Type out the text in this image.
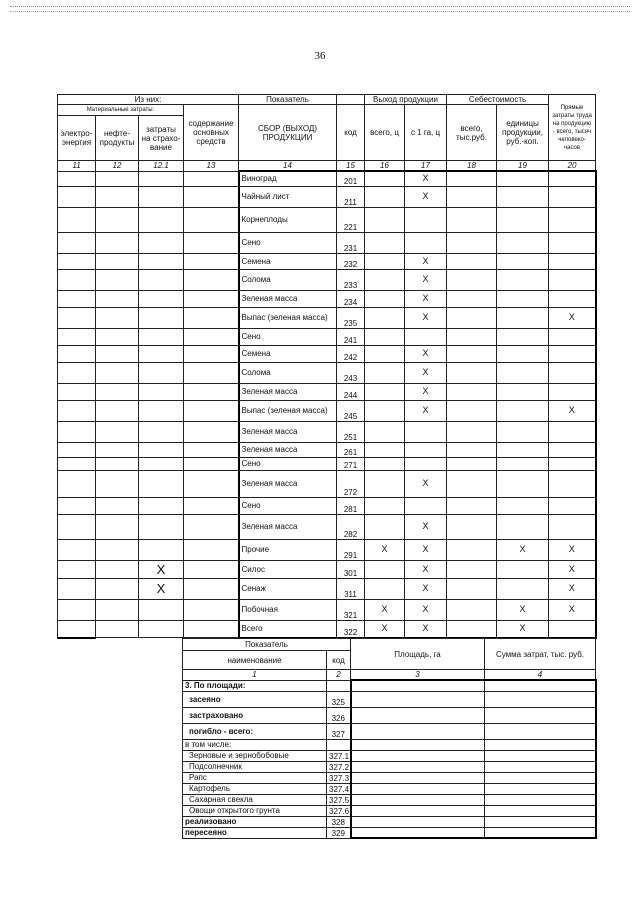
36
Из них:				Показатель		Выход продукции		Себестоимость		Прямые затраты труда на продукцию - всего, тысяч человеко-часов
Материальные затраты:			содержание основных средств	СБОР (ВЫХОД) ПРОДУКЦИИ	код	всего, ц	с 1 га, ц	всего, тыс.руб.	единицы продукции, руб.-коп.	
электро-энергия	нефте-продукты	затраты на страхо-вание								
11	12	12.1	13	14	15	16	17	18	19	20
				Виноград	201		X			
				Чайный лист	211		X			
				Корнеплоды	221					
				Сено	231					
				Семена	232		X			
				Солома	233		X			
				Зеленая масса	234		X			
				Выпас (зеленая масса)	235		X			X
				Сено	241					
				Семена	242		X			
				Солома	243		X			
				Зеленая масса	244		X			
				Выпас (зеленая масса)	245		X			X
				Зеленая масса	251					
				Зеленая масса	261					
				Сено	271					
				Зеленая масса	272		X			
				Сено	281					
				Зеленая масса	282		X			
				Прочие	291	X	X		X	X
		X		Силос	301		X			X
		X		Сенаж	311		X			X
				Побочная	321	X	X		X	X
				Всего	322	X	X		X	
Показатель		Площадь, га	Сумма затрат, тыс. руб.
наименование	код		
1	2	3	4
3. По площади:			
засеяно	325		
застраховано	326		
погибло - всего:	327		
в том числе:			
Зерновые и зернобобовые	327.1		
Подсолнечник	327.2		
Рапс	327.3		
Картофель	327.4		
Сахарная свекла	327.5		
Овощи открытого грунта	327.6		
реализовано	328		
пересеяно	329		
